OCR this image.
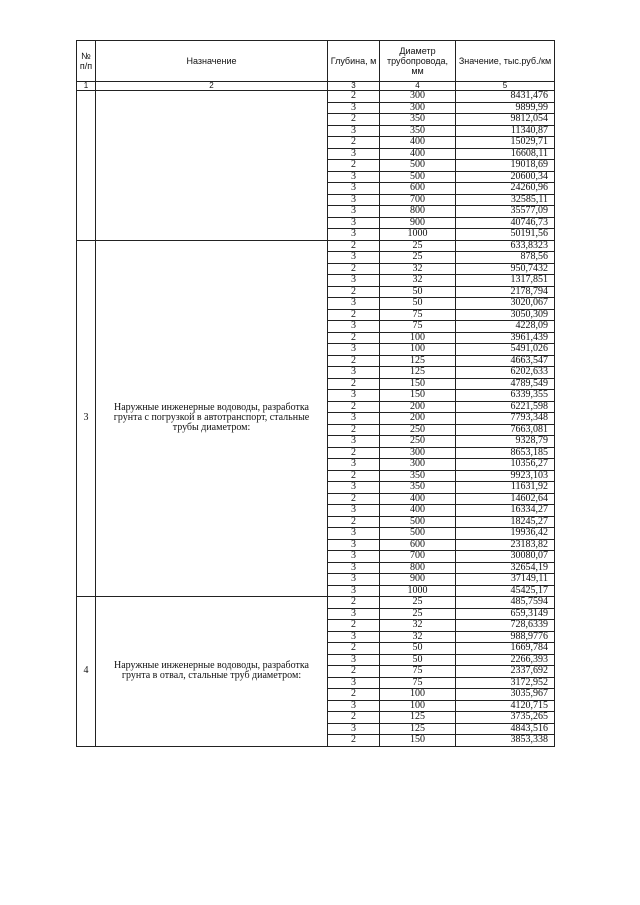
№ п/п	Назначение	Глубина, м	Диаметр трубопровода, мм	Значение, тыс.руб./км
1	2	3	4	5
		2	300	8431,476
		3	300	9899,99
		2	350	9812,054
		3	350	11340,87
		2	400	15029,71
		3	400	16608,11
		2	500	19018,69
		3	500	20600,34
		3	600	24260,96
		3	700	32585,11
		3	800	35577,09
		3	900	40746,73
		3	1000	50191,56
3	Наружные инженерные водоводы, разработка грунта с погрузкой в автотранспорт, стальные трубы диаметром:	2	25	633,8323
		3	25	878,56
		2	32	950,7432
		3	32	1317,851
		2	50	2178,794
		3	50	3020,067
		2	75	3050,309
		3	75	4228,09
		2	100	3961,439
		3	100	5491,026
		2	125	4663,547
		3	125	6202,633
		2	150	4789,549
		3	150	6339,355
		2	200	6221,598
		3	200	7793,348
		2	250	7663,081
		3	250	9328,79
		2	300	8653,185
		3	300	10356,27
		2	350	9923,103
		3	350	11631,92
		2	400	14602,64
		3	400	16334,27
		2	500	18245,27
		3	500	19936,42
		3	600	23183,82
		3	700	30080,07
		3	800	32654,19
		3	900	37149,11
		3	1000	45425,17
4	Наружные инженерные водоводы, разработка грунта в отвал, стальные труб диаметром:	2	25	485,7594
		3	25	659,3149
		2	32	728,6339
		3	32	988,9776
		2	50	1669,784
		3	50	2266,393
		2	75	2337,692
		3	75	3172,952
		2	100	3035,967
		3	100	4120,715
		2	125	3735,265
		3	125	4843,516
		2	150	3853,338
